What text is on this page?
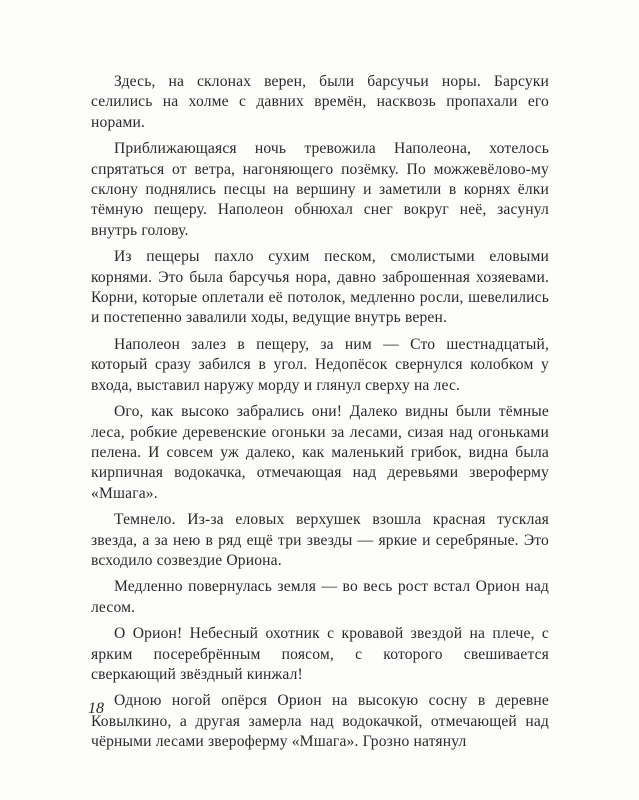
Здесь, на склонах верен, были барсучьи норы. Барсуки селились на холме с давних времён, насквозь пропахали его норами.

Приближающаяся ночь тревожила Наполеона, хотелось спрятаться от ветра, нагоняющего позёмку. По можжевёлово-му склону поднялись песцы на вершину и заметили в корнях ёлки тёмную пещеру. Наполеон обнюхал снег вокруг неё, засунул внутрь голову.

Из пещеры пахло сухим песком, смолистыми еловыми корнями. Это была барсучья нора, давно заброшенная хозяевами. Корни, которые оплетали её потолок, медленно росли, шевелились и постепенно завалили ходы, ведущие внутрь верен.

Наполеон залез в пещеру, за ним — Сто шестнадцатый, который сразу забился в угол. Недопёсок свернулся колобком у входа, выставил наружу морду и глянул сверху на лес.

Ого, как высоко забрались они! Далеко видны были тёмные леса, робкие деревенские огоньки за лесами, сизая над огоньками пелена. И совсем уж далеко, как маленький грибок, видна была кирпичная водокачка, отмечающая над деревьями звероферму «Мшага».

Темнело. Из-за еловых верхушек взошла красная тусклая звезда, а за нею в ряд ещё три звезды — яркие и серебряные. Это всходило созвездие Ориона.

Медленно повернулась земля — во весь рост встал Орион над лесом.

О Орион! Небесный охотник с кровавой звездой на плече, с ярким посеребрённым поясом, с которого свешивается сверкающий звёздный кинжал!

Одною ногой опёрся Орион на высокую сосну в деревне Ковылкино, а другая замерла над водокачкой, отмечающей над чёрными лесами звероферму «Мшага». Грозно натянул

18
